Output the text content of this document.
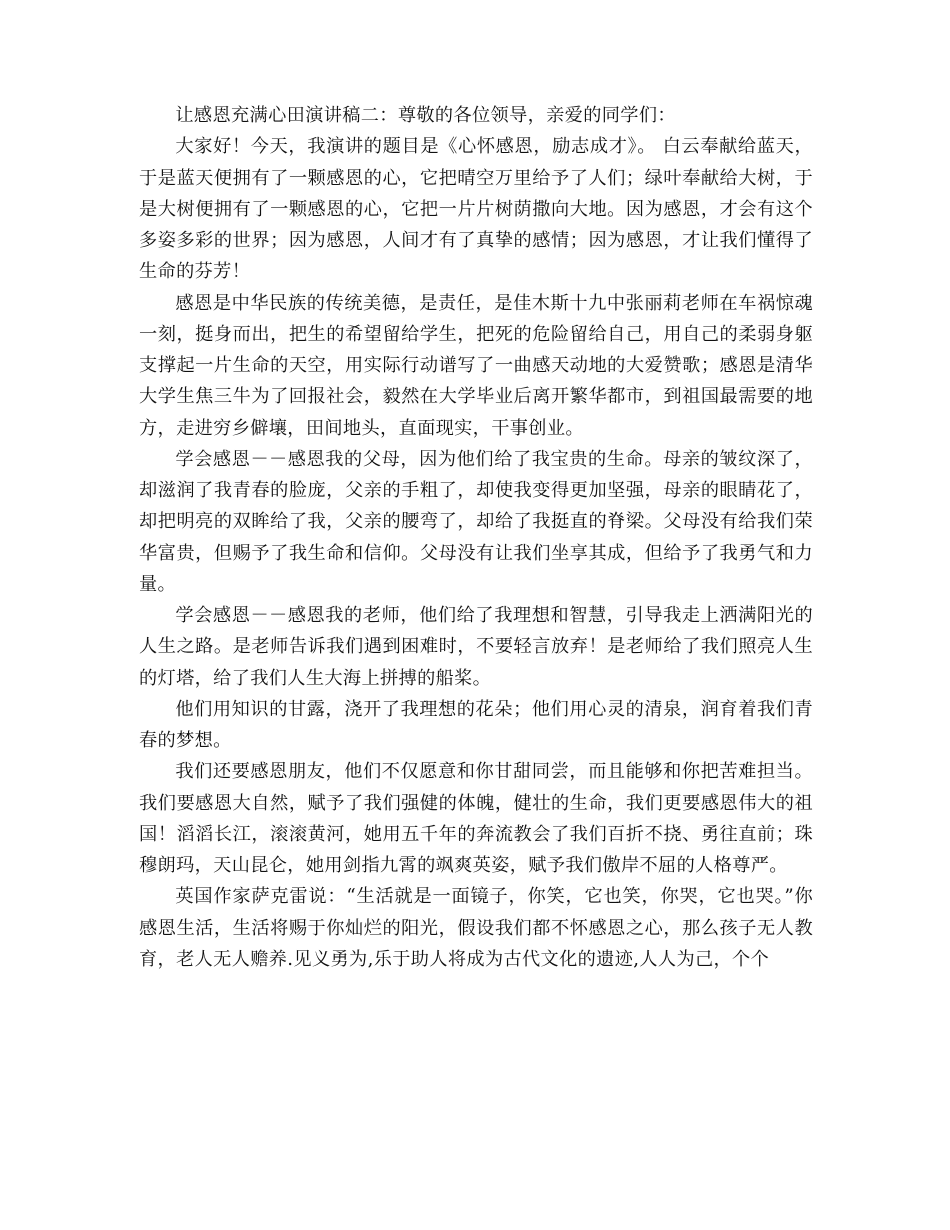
让感恩充满心田演讲稿二：尊敬的各位领导，亲爱的同学们：

大家好！今天，我演讲的题目是《心怀感恩，励志成才》。 白云奉献给蓝天，于是蓝天便拥有了一颗感恩的心，它把晴空万里给予了人们；绿叶奉献给大树，于是大树便拥有了一颗感恩的心，它把一片片树荫撒向大地。因为感恩，才会有这个多姿多彩的世界；因为感恩，人间才有了真挚的感情；因为感恩，才让我们懂得了生命的芬芳！

感恩是中华民族的传统美德，是责任，是佳木斯十九中张丽莉老师在车祸惊魂一刻，挺身而出，把生的希望留给学生，把死的危险留给自己，用自己的柔弱身躯支撑起一片生命的天空，用实际行动谱写了一曲感天动地的大爱赞歌；感恩是清华大学生焦三牛为了回报社会，毅然在大学毕业后离开繁华都市，到祖国最需要的地方，走进穷乡僻壤，田间地头，直面现实，干事创业。

学会感恩－－感恩我的父母，因为他们给了我宝贵的生命。母亲的皱纹深了，却滋润了我青春的脸庞，父亲的手粗了，却使我变得更加坚强，母亲的眼睛花了，却把明亮的双眸给了我，父亲的腰弯了，却给了我挺直的脊梁。父母没有给我们荣华富贵，但赐予了我生命和信仰。父母没有让我们坐享其成，但给予了我勇气和力量。

学会感恩－－感恩我的老师，他们给了我理想和智慧，引导我走上洒满阳光的人生之路。是老师告诉我们遇到困难时，不要轻言放弃！是老师给了我们照亮人生的灯塔，给了我们人生大海上拼搏的船桨。

他们用知识的甘露，浇开了我理想的花朵；他们用心灵的清泉，润育着我们青春的梦想。

我们还要感恩朋友，他们不仅愿意和你甘甜同尝，而且能够和你把苦难担当。我们要感恩大自然，赋予了我们强健的体魄，健壮的生命，我们更要感恩伟大的祖国！滔滔长江，滚滚黄河，她用五千年的奔流教会了我们百折不挠、勇往直前；珠穆朗玛，天山昆仑，她用剑指九霄的飒爽英姿，赋予我们傲岸不屈的人格尊严。

英国作家萨克雷说：“生活就是一面镜子，你笑，它也笑，你哭，它也哭。”你感恩生活，生活将赐于你灿烂的阳光，假设我们都不怀感恩之心，那么孩子无人教育，老人无人赡养.见义勇为,乐于助人将成为古代文化的遗迹,人人为己，个个
